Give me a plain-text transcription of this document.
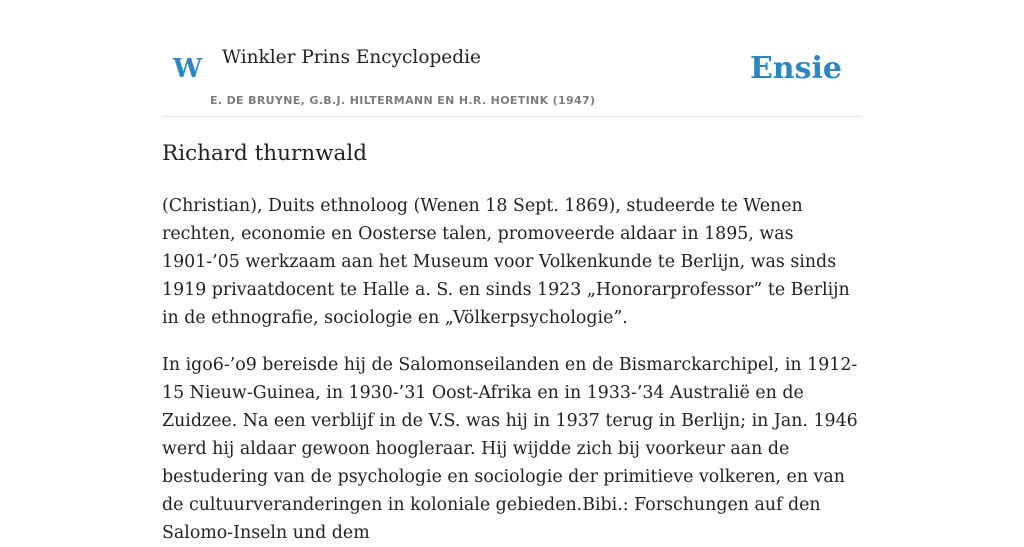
W Winkler Prins Encyclopedie
E. DE BRUYNE, G.B.J. HILTERMANN EN H.R. HOETINK (1947)
Ensie
Richard thurnwald

(Christian), Duits ethnoloog (Wenen 18 Sept. 1869), studeerde te Wenen rechten, economie en Oosterse talen, promoveerde aldaar in 1895, was 1901-’05 werkzaam aan het Museum voor Volkenkunde te Berlijn, was sinds 1919 privaatdocent te Halle a. S. en sinds 1923 „Honorarprofessor” te Berlijn in de ethnografie, sociologie en „Völkerpsychologie”.

In igo6-’o9 bereisde hij de Salomonseilanden en de Bismarckarchipel, in 1912-15 Nieuw-Guinea, in 1930-’31 Oost-Afrika en in 1933-’34 Australië en de Zuidzee. Na een verblijf in de V.S. was hij in 1937 terug in Berlijn; in Jan. 1946 werd hij aldaar gewoon hoogleraar. Hij wijdde zich bij voorkeur aan de bestudering van de psychologie en sociologie der primitieve volkeren, en van de cultuurveranderingen in koloniale gebieden.Bibi.: Forschungen auf den Salomo-Inseln und dem
